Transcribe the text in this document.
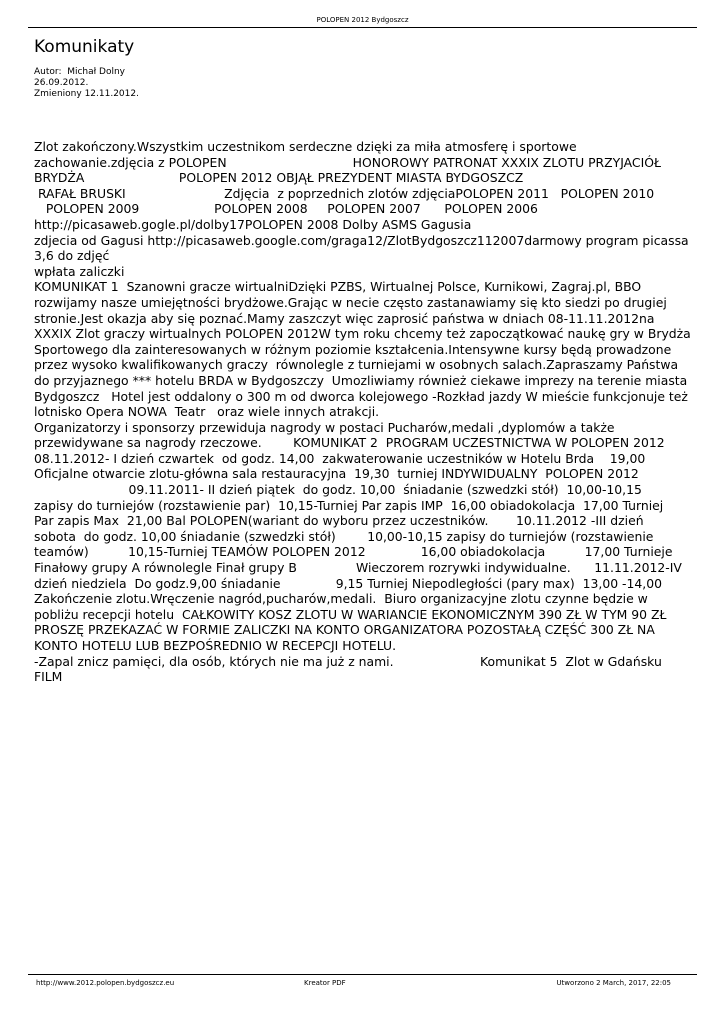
POLOPEN 2012 Bydgoszcz
Komunikaty
Autor:  Michał Dolny
26.09.2012.
Zmieniony 12.11.2012.
Zlot zakończony.Wszystkim uczestnikom serdeczne dzięki za miła atmosferę i sportowe
zachowanie.zdjęcia z POLOPEN                                HONOROWY PATRONAT XXXIX ZLOTU PRZYJACIÓŁ
BRYDŻA                        POLOPEN 2012 OBJĄŁ PREZYDENT MIASTA BYDGOSZCZ
RAFAŁ BRUSKI                         Zdjęcia  z poprzednich zlotów zdjęciaPOLOPEN 2011   POLOPEN 2010
POLOPEN 2009                   POLOPEN 2008     POLOPEN 2007      POLOPEN 2006
http://picasaweb.gogle.pl/dolby17POLOPEN 2008 Dolby ASMS Gagusia
zdjecia od Gagusi http://picasaweb.google.com/graga12/ZlotBydgoszcz112007darmowy program picassa
3,6 do zdjęć
wpłata zaliczki
KOMUNIKAT 1  Szanowni gracze wirtualniDzięki PZBS, Wirtualnej Polsce, Kurnikowi, Zagraj.pl, BBO
rozwijamy nasze umiejętności brydżowe.Grając w necie często zastanawiamy się kto siedzi po drugiej
stronie.Jest okazja aby się poznać.Mamy zaszczyt więc zaprosić państwa w dniach 08-11.11.2012na
XXXIX Zlot graczy wirtualnych POLOPEN 2012W tym roku chcemy też zapoczątkować naukę gry w Brydża
Sportowego dla zainteresowanych w różnym poziomie kształcenia.Intensywne kursy będą prowadzone
przez wysoko kwalifikowanych graczy  równolegle z turniejami w osobnych salach.Zapraszamy Państwa
do przyjaznego *** hotelu BRDA w Bydgoszczy  Umozliwiamy również ciekawe imprezy na terenie miasta
Bydgoszcz   Hotel jest oddalony o 300 m od dworca kolejowego -Rozkład jazdy W mieście funkcjonuje też
lotnisko Opera NOWA  Teatr   oraz wiele innych atrakcji.
Organizatorzy i sponsorzy przewiduja nagrody w postaci Pucharów,medali ,dyplomów a także
przewidywane sa nagrody rzeczowe.        KOMUNIKAT 2  PROGRAM UCZESTNICTWA W POLOPEN 2012
08.11.2012- I dzień czwartek  od godz. 14,00  zakwaterowanie uczestników w Hotelu Brda    19,00
Oficjalne otwarcie zlotu-główna sala restauracyjna  19,30  turniej INDYWIDUALNY  POLOPEN 2012
09.11.2011- II dzień piątek  do godz. 10,00  śniadanie (szwedzki stół)  10,00-10,15
zapisy do turniejów (rozstawienie par)  10,15-Turniej Par zapis IMP  16,00 obiadokolacja  17,00 Turniej
Par zapis Max  21,00 Bal POLOPEN(wariant do wyboru przez uczestników.       10.11.2012 -III dzień
sobota  do godz. 10,00 śniadanie (szwedzki stół)        10,00-10,15 zapisy do turniejów (rozstawienie
teamów)          10,15-Turniej TEAMÓW POLOPEN 2012              16,00 obiadokolacja          17,00 Turnieje
Finałowy grupy A równolegle Finał grupy B               Wieczorem rozrywki indywidualne.      11.11.2012-IV
dzień niedziela  Do godz.9,00 śniadanie              9,15 Turniej Niepodległości (pary max)  13,00 -14,00
Zakończenie zlotu.Wręczenie nagród,pucharów,medali.  Biuro organizacyjne zlotu czynne będzie w
pobliżu recepcji hotelu  CAŁKOWITY KOSZ ZLOTU W WARIANCIE EKONOMICZNYM 390 ZŁ W TYM 90 ZŁ
PROSZĘ PRZEKAZAĆ W FORMIE ZALICZKI NA KONTO ORGANIZATORA POZOSTAŁĄ CZĘŚĆ 300 ZŁ NA
KONTO HOTELU LUB BEZPOŚREDNIO W RECEPCJI HOTELU.
-Zapal znicz pamięci, dla osób, których nie ma już z nami.	Komunikat 5  Zlot w Gdańsku
FILM
http://www.2012.polopen.bydgoszcz.eu	Kreator PDF	Utworzono 2 March, 2017, 22:05
